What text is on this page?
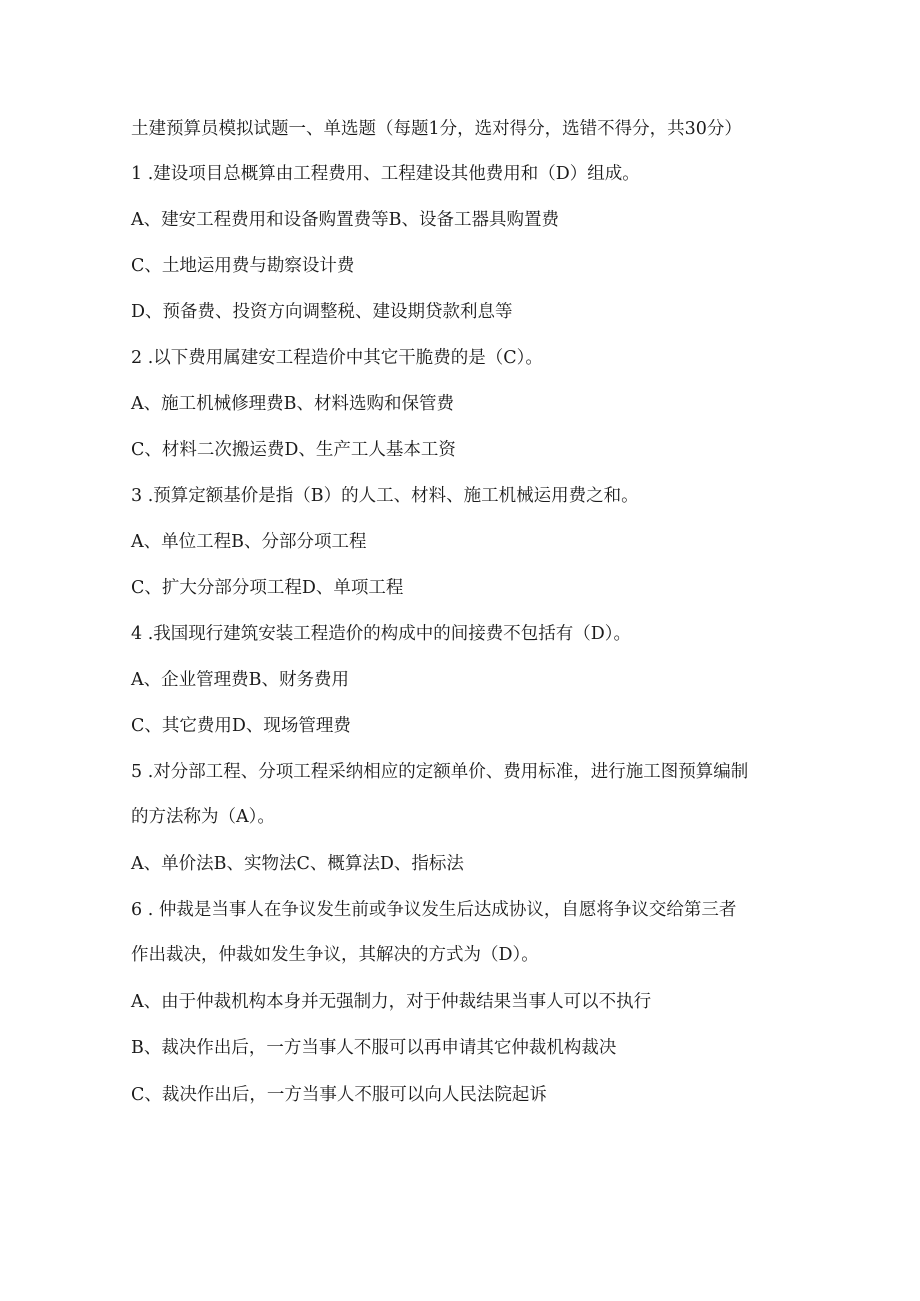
土建预算员模拟试题一、单选题（每题1分，选对得分，选错不得分，共30分）

1 .建设项目总概算由工程费用、工程建设其他费用和（D）组成。

A、建安工程费用和设备购置费等B、设备工器具购置费

C、土地运用费与勘察设计费

D、预备费、投资方向调整税、建设期贷款利息等

2 .以下费用属建安工程造价中其它干脆费的是（C）。

A、施工机械修理费B、材料选购和保管费

C、材料二次搬运费D、生产工人基本工资

3 .预算定额基价是指（B）的人工、材料、施工机械运用费之和。

A、单位工程B、分部分项工程

C、扩大分部分项工程D、单项工程

4 .我国现行建筑安装工程造价的构成中的间接费不包括有（D）。

A、企业管理费B、财务费用

C、其它费用D、现场管理费

5 .对分部工程、分项工程采纳相应的定额单价、费用标准，进行施工图预算编制

的方法称为（A）。

A、单价法B、实物法C、概算法D、指标法

6 . 仲裁是当事人在争议发生前或争议发生后达成协议，自愿将争议交给第三者

作出裁决，仲裁如发生争议，其解决的方式为（D）。

A、由于仲裁机构本身并无强制力，对于仲裁结果当事人可以不执行

B、裁决作出后，一方当事人不服可以再申请其它仲裁机构裁决

C、裁决作出后，一方当事人不服可以向人民法院起诉
